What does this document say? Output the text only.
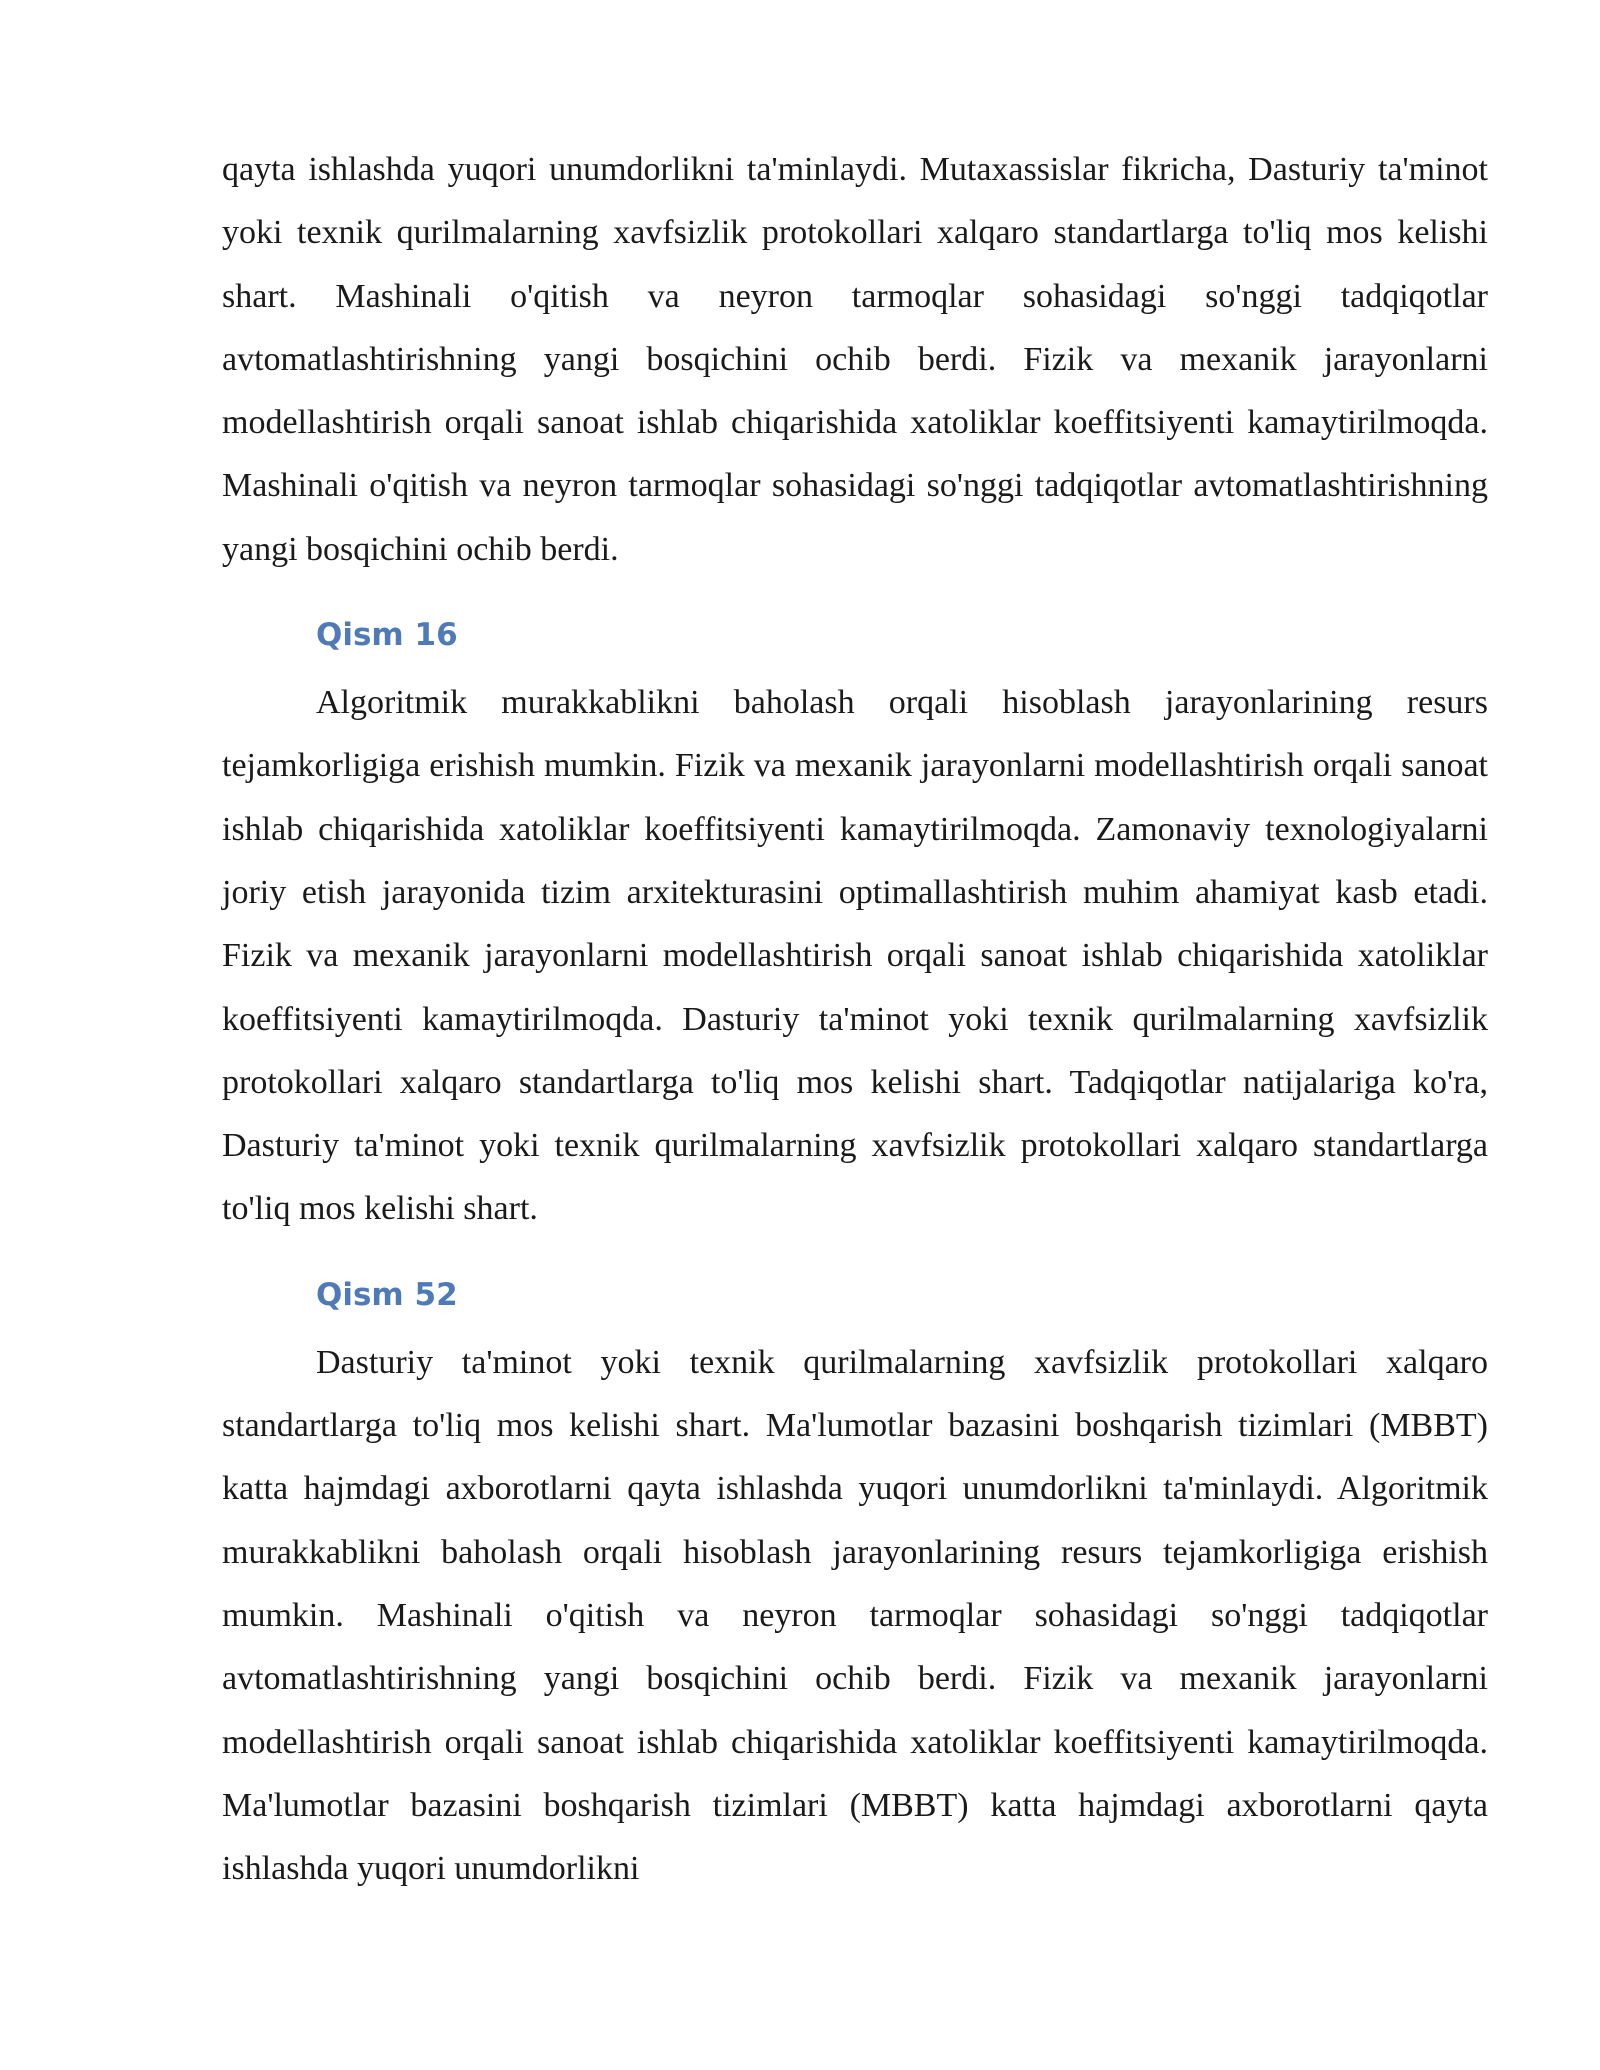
qayta ishlashda yuqori unumdorlikni ta'minlaydi. Mutaxassislar fikricha, Dasturiy ta'minot yoki texnik qurilmalarning xavfsizlik protokollari xalqaro standartlarga to'liq mos kelishi shart. Mashinali o'qitish va neyron tarmoqlar sohasidagi so'nggi tadqiqotlar avtomatlashtirishning yangi bosqichini ochib berdi. Fizik va mexanik jarayonlarni modellashtirish orqali sanoat ishlab chiqarishida xatoliklar koeffitsiyenti kamaytirilmoqda. Mashinali o'qitish va neyron tarmoqlar sohasidagi so'nggi tadqiqotlar avtomatlashtirishning yangi bosqichini ochib berdi.

Qism 16

Algoritmik murakkablikni baholash orqali hisoblash jarayonlarining resurs tejamkorligiga erishish mumkin. Fizik va mexanik jarayonlarni modellashtirish orqali sanoat ishlab chiqarishida xatoliklar koeffitsiyenti kamaytirilmoqda. Zamonaviy texnologiyalarni joriy etish jarayonida tizim arxitekturasini optimallashtirish muhim ahamiyat kasb etadi. Fizik va mexanik jarayonlarni modellashtirish orqali sanoat ishlab chiqarishida xatoliklar koeffitsiyenti kamaytirilmoqda. Dasturiy ta'minot yoki texnik qurilmalarning xavfsizlik protokollari xalqaro standartlarga to'liq mos kelishi shart. Tadqiqotlar natijalariga ko'ra, Dasturiy ta'minot yoki texnik qurilmalarning xavfsizlik protokollari xalqaro standartlarga to'liq mos kelishi shart.

Qism 52

Dasturiy ta'minot yoki texnik qurilmalarning xavfsizlik protokollari xalqaro standartlarga to'liq mos kelishi shart. Ma'lumotlar bazasini boshqarish tizimlari (MBBT) katta hajmdagi axborotlarni qayta ishlashda yuqori unumdorlikni ta'minlaydi. Algoritmik murakkablikni baholash orqali hisoblash jarayonlarining resurs tejamkorligiga erishish mumkin. Mashinali o'qitish va neyron tarmoqlar sohasidagi so'nggi tadqiqotlar avtomatlashtirishning yangi bosqichini ochib berdi. Fizik va mexanik jarayonlarni modellashtirish orqali sanoat ishlab chiqarishida xatoliklar koeffitsiyenti kamaytirilmoqda. Ma'lumotlar bazasini boshqarish tizimlari (MBBT) katta hajmdagi axborotlarni qayta ishlashda yuqori unumdorlikni
